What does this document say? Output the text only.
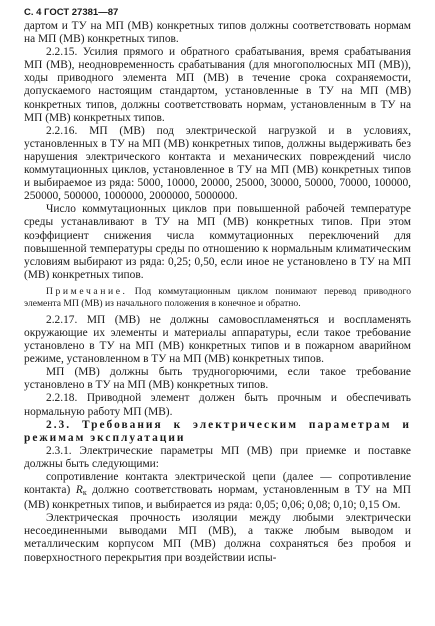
С. 4 ГОСТ 27381—87

дартом и ТУ на МП (МВ) конкретных типов должны соответствовать нормам на МП (МВ) конкретных типов.

2.2.15. Усилия прямого и обратного срабатывания, время срабатывания МП (МВ), неодновременность срабатывания (для многополюсных МП (МВ)), ходы приводного элемента МП (МВ) в течение срока сохраняемости, допускаемого настоящим стандартом, установленные в ТУ на МП (МВ) конкретных типов, должны соответствовать нормам, установленным в ТУ на МП (МВ) конкретных типов.

2.2.16. МП (МВ) под электрической нагрузкой и в условиях, установленных в ТУ на МП (МВ) конкретных типов, должны выдерживать без нарушения электрического контакта и механических повреждений число коммутационных циклов, установленное в ТУ на МП (МВ) конкретных типов и выбираемое из ряда: 5000, 10000, 20000, 25000, 30000, 50000, 70000, 100000, 250000, 500000, 1000000, 2000000, 5000000.

Число коммутационных циклов при повышенной рабочей температуре среды устанавливают в ТУ на МП (МВ) конкретных типов. При этом коэффициент снижения числа коммутационных переключений для повышенной температуры среды по отношению к нормальным климатическим условиям выбирают из ряда: 0,25; 0,50, если иное не установлено в ТУ на МП (МВ) конкретных типов.

Примечание. Под коммутационным циклом понимают перевод приводного элемента МП (МВ) из начального положения в конечное и обратно.

2.2.17. МП (МВ) не должны самовоспламеняться и воспламенять окружающие их элементы и материалы аппаратуры, если такое требование установлено в ТУ на МП (МВ) конкретных типов и в пожарном аварийном режиме, установленном в ТУ на МП (МВ) конкретных типов.

МП (МВ) должны быть трудногорючими, если такое требование установлено в ТУ на МП (МВ) конкретных типов.

2.2.18. Приводной элемент должен быть прочным и обеспечивать нормальную работу МП (МВ).

2.3. Требования к электрическим параметрам и режимам эксплуатации

2.3.1. Электрические параметры МП (МВ) при приемке и поставке должны быть следующими:

сопротивление контакта электрической цепи (далее — сопротивление контакта) $R_к$ должно соответствовать нормам, установленным в ТУ на МП (МВ) конкретных типов, и выбирается из ряда: 0,05; 0,06; 0,08; 0,10; 0,15 Ом.

Электрическая прочность изоляции между любыми электрически несоединенными выводами МП (МВ), а также любым выводом и металлическим корпусом МП (МВ) должна сохраняться без пробоя и поверхностного перекрытия при воздействии испы-
